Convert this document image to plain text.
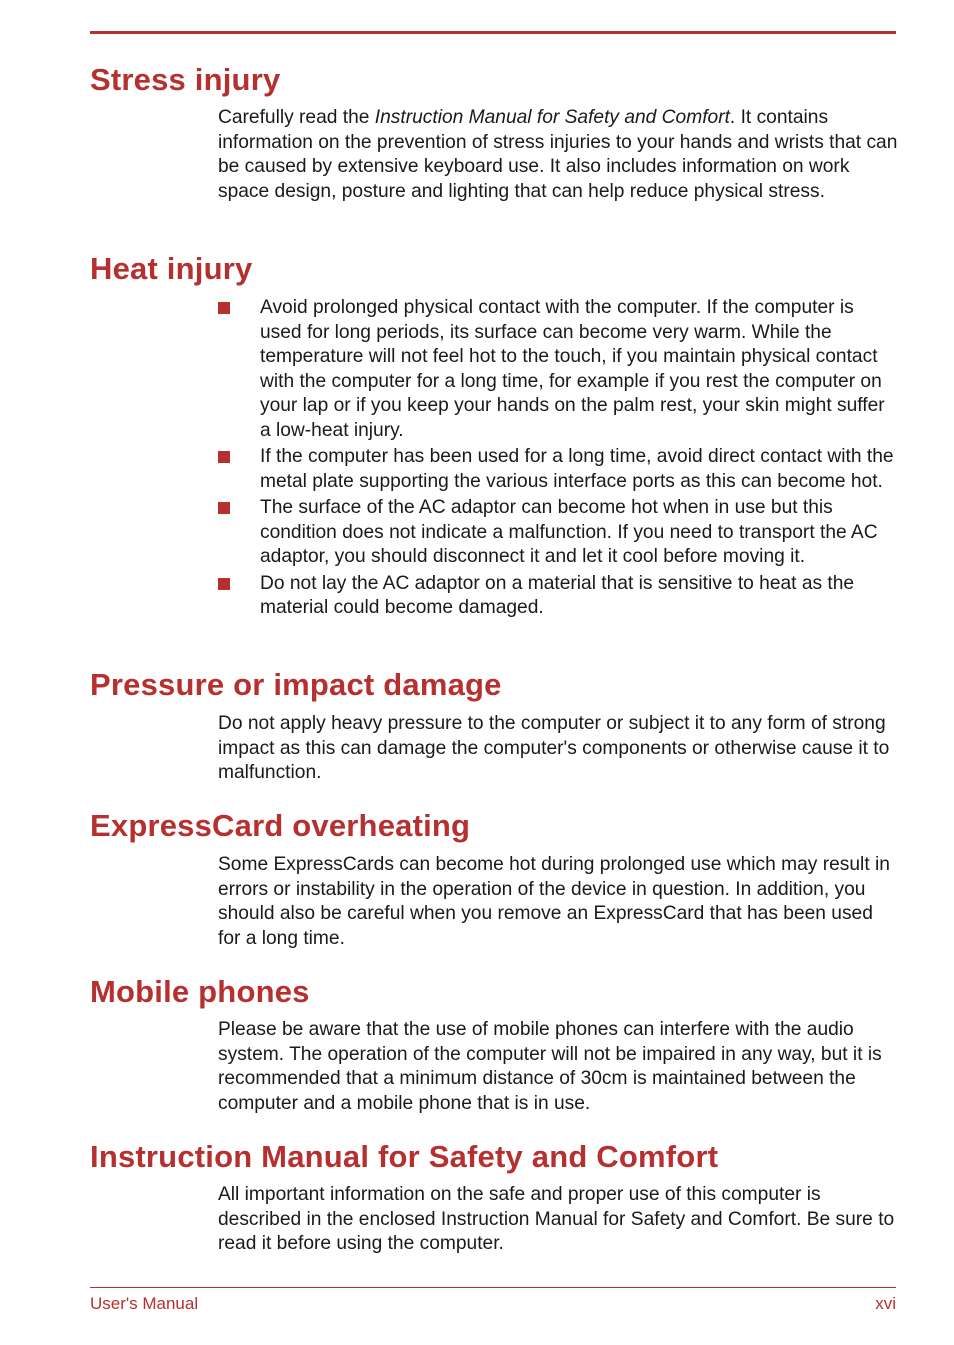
Stress injury

Carefully read the Instruction Manual for Safety and Comfort. It contains information on the prevention of stress injuries to your hands and wrists that can be caused by extensive keyboard use. It also includes information on work space design, posture and lighting that can help reduce physical stress.

Heat injury
Avoid prolonged physical contact with the computer. If the computer is used for long periods, its surface can become very warm. While the temperature will not feel hot to the touch, if you maintain physical contact with the computer for a long time, for example if you rest the computer on your lap or if you keep your hands on the palm rest, your skin might suffer a low-heat injury.
If the computer has been used for a long time, avoid direct contact with the metal plate supporting the various interface ports as this can become hot.
The surface of the AC adaptor can become hot when in use but this condition does not indicate a malfunction. If you need to transport the AC adaptor, you should disconnect it and let it cool before moving it.
Do not lay the AC adaptor on a material that is sensitive to heat as the material could become damaged.
Pressure or impact damage

Do not apply heavy pressure to the computer or subject it to any form of strong impact as this can damage the computer's components or otherwise cause it to malfunction.

ExpressCard overheating

Some ExpressCards can become hot during prolonged use which may result in errors or instability in the operation of the device in question. In addition, you should also be careful when you remove an ExpressCard that has been used for a long time.

Mobile phones

Please be aware that the use of mobile phones can interfere with the audio system. The operation of the computer will not be impaired in any way, but it is recommended that a minimum distance of 30cm is maintained between the computer and a mobile phone that is in use.

Instruction Manual for Safety and Comfort

All important information on the safe and proper use of this computer is described in the enclosed Instruction Manual for Safety and Comfort. Be sure to read it before using the computer.

User's Manual	xvi
